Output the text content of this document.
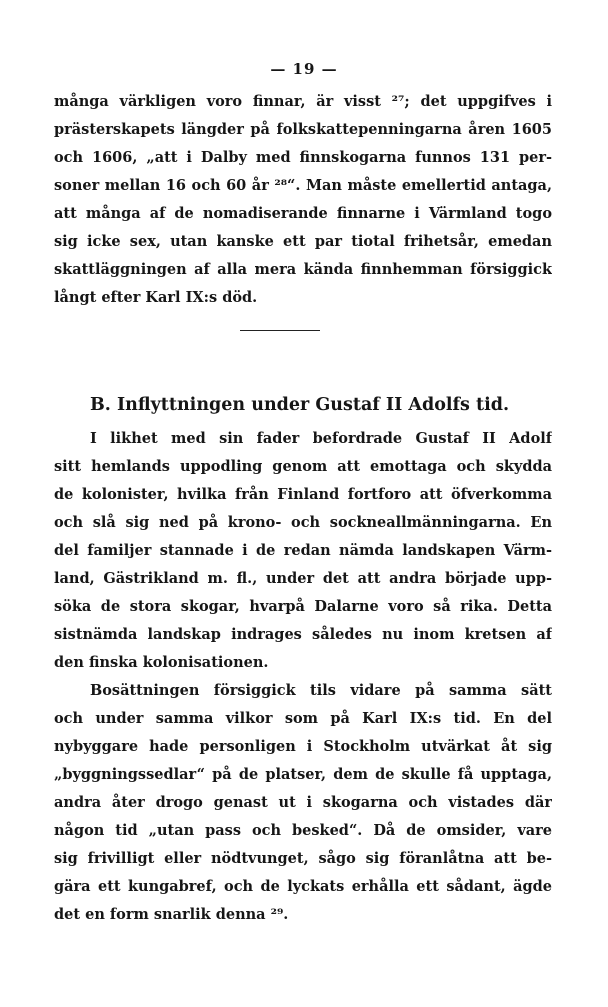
— 19 —
många värkligen voro finnar, är visst ²⁷; det uppgifves i
prästerskapets längder på folkskattepenningarna åren 1605
och 1606, „att i Dalby med finnskogarna funnos 131 per-
soner mellan 16 och 60 år ²⁸“. Man måste emellertid antaga,
att många af de nomadiserande finnarne i Värmland togo
sig icke sex, utan kanske ett par tiotal frihetsår, emedan
skattläggningen af alla mera kända finnhemman försiggick
långt efter Karl IX:s död.
B. Inflyttningen under Gustaf II Adolfs tid.
I likhet med sin fader befordrade Gustaf II Adolf
sitt hemlands uppodling genom att emottaga och skydda
de kolonister, hvilka från Finland fortforo att öfverkomma
och slå sig ned på krono- och sockneallmänningarna. En
del familjer stannade i de redan nämda landskapen Värm-
land, Gästrikland m. fl., under det att andra började upp-
söka de stora skogar, hvarpå Dalarne voro så rika. Detta
sistnämda landskap indrages således nu inom kretsen af
den finska kolonisationen.
Bosättningen försiggick tils vidare på samma sätt
och under samma vilkor som på Karl IX:s tid. En del
nybyggare hade personligen i Stockholm utvärkat åt sig
„byggningssedlar“ på de platser, dem de skulle få upptaga,
andra åter drogo genast ut i skogarna och vistades där
någon tid „utan pass och besked“. Då de omsider, vare
sig frivilligt eller nödtvunget, sågo sig föranlåtna att be-
gära ett kungabref, och de lyckats erhålla ett sådant, ägde
det en form snarlik denna ²⁹.
